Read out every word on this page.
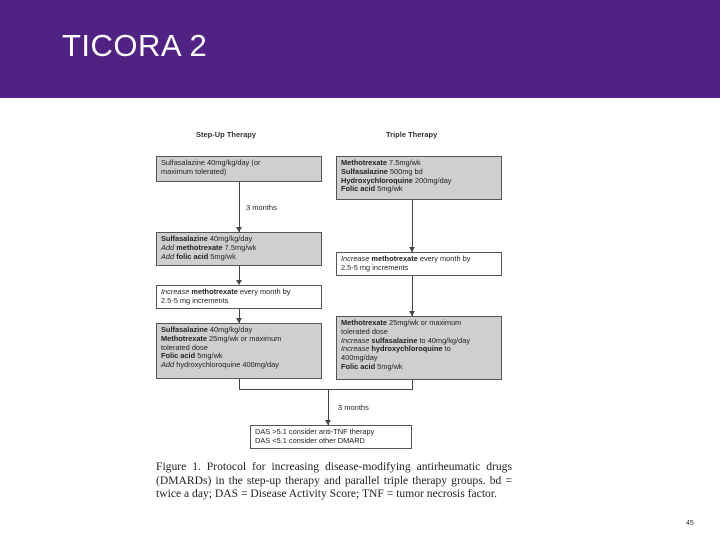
TICORA 2
Step-Up Therapy	Triple Therapy
Sulfasalazine 40mg/kg/day (or
maximum tolerated)
3 months
Sulfasalazine 40mg/kg/day
Add methotrexate 7.5mg/wk
Add folic acid 5mg/wk
Increase methotrexate every month by
2.5-5 mg increments
Sulfasalazine 40mg/kg/day
Methotrexate 25mg/wk or maximum
tolerated dose
Folic acid 5mg/wk
Add hydroxychloroquine 400mg/day
Methotrexate 7.5mg/wk
Sulfasalazine 500mg bd
Hydroxychloroquine 200mg/day
Folic acid 5mg/wk
Increase methotrexate every month by
2.5-5 mg increments
Methotrexate 25mg/wk or maximum
tolerated dose
Increase sulfasalazine to 40mg/kg/day
Increase hydroxychloroquine to
400mg/day
Folic acid 5mg/wk
3 months
DAS >5.1 consider anti-TNF therapy
DAS <5.1 consider other DMARD
Figure 1. Protocol for increasing disease-modifying antirheumatic drugs (DMARDs) in the step-up therapy and parallel triple therapy groups. bd = twice a day; DAS = Disease Activity Score; TNF = tumor necrosis factor.
45
